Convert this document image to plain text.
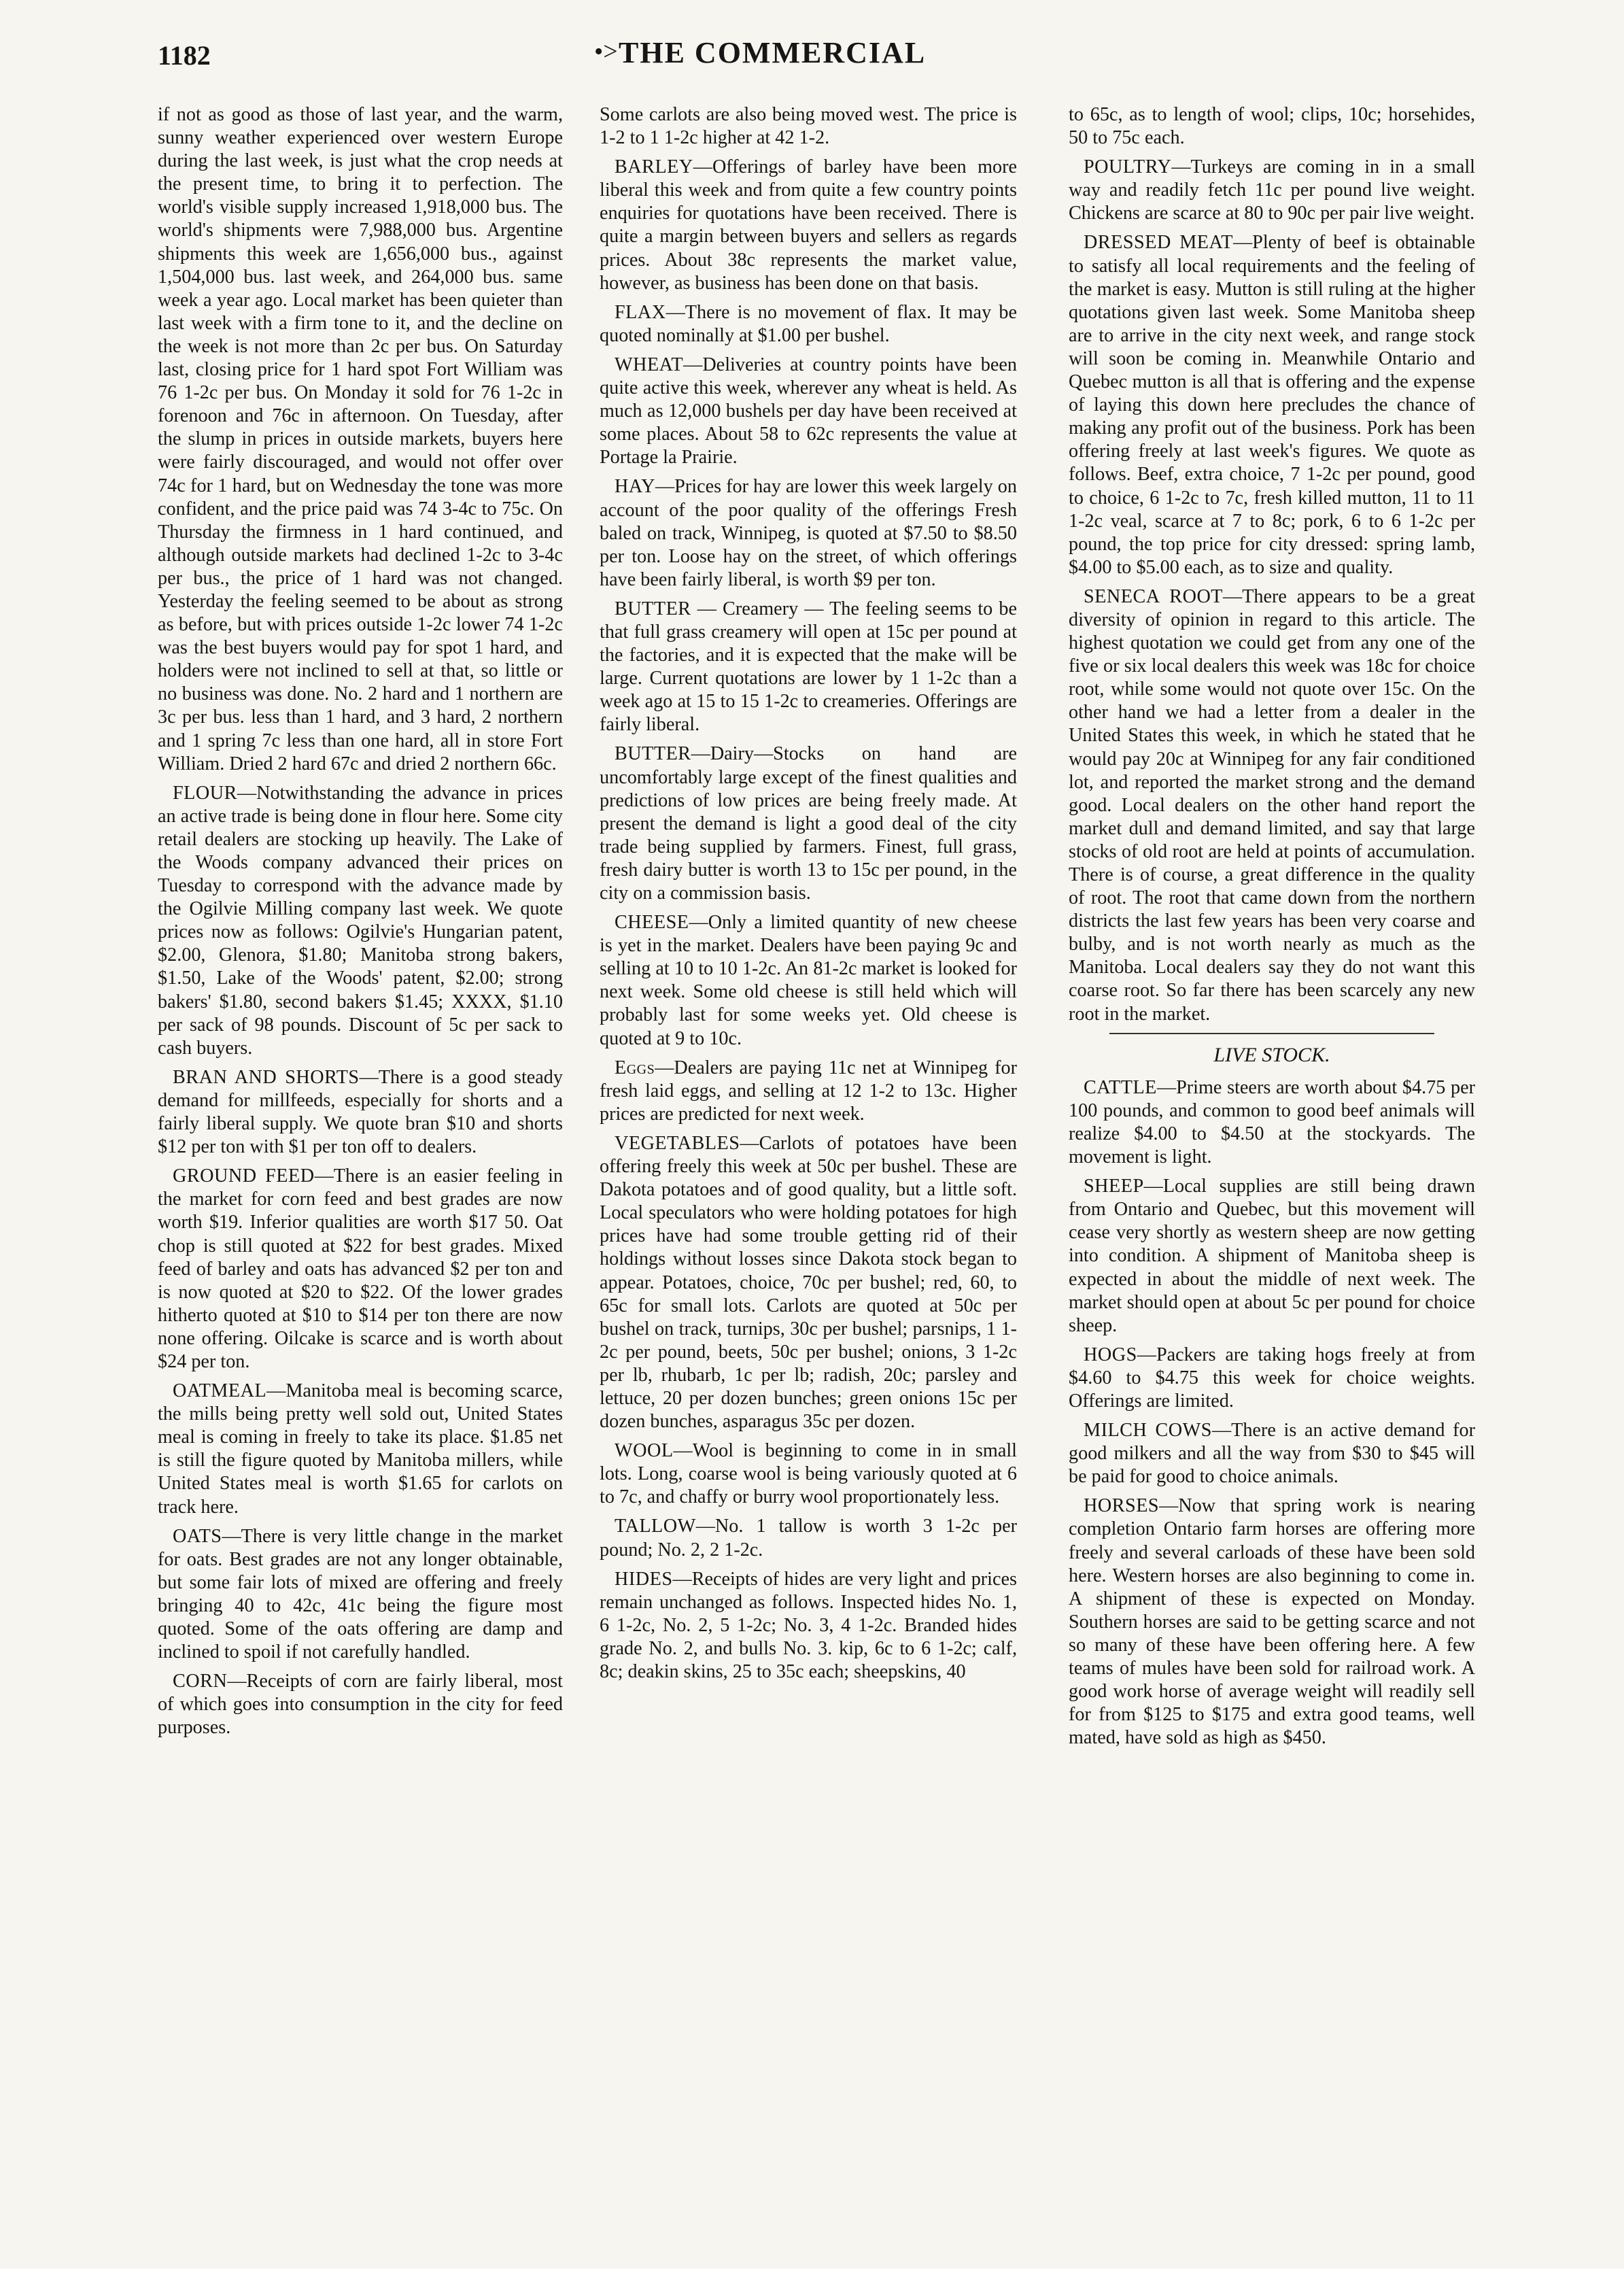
1182	•> THE COMMERCIAL

if not as good as those of last year, and the warm, sunny weather experienced over western Europe during the last week, is just what the crop needs at the present time, to bring it to perfection. The world's visible supply increased 1,918,000 bus. The world's shipments were 7,988,000 bus. Argentine shipments this week are 1,656,000 bus., against 1,504,000 bus. last week, and 264,000 bus. same week a year ago. Local market has been quieter than last week with a firm tone to it, and the decline on the week is not more than 2c per bus. On Saturday last, closing price for 1 hard spot Fort William was 76 1-2c per bus. On Monday it sold for 76 1-2c in forenoon and 76c in afternoon. On Tuesday, after the slump in prices in outside markets, buyers here were fairly discouraged, and would not offer over 74c for 1 hard, but on Wednesday the tone was more confident, and the price paid was 74 3-4c to 75c. On Thursday the firmness in 1 hard continued, and although outside markets had declined 1-2c to 3-4c per bus., the price of 1 hard was not changed. Yesterday the feeling seemed to be about as strong as before, but with prices outside 1-2c lower 74 1-2c was the best buyers would pay for spot 1 hard, and holders were not inclined to sell at that, so little or no business was done. No. 2 hard and 1 northern are 3c per bus. less than 1 hard, and 3 hard, 2 northern and 1 spring 7c less than one hard, all in store Fort William. Dried 2 hard 67c and dried 2 northern 66c.

FLOUR—Notwithstanding the advance in prices an active trade is being done in flour here. Some city retail dealers are stocking up heavily. The Lake of the Woods company advanced their prices on Tuesday to correspond with the advance made by the Ogilvie Milling company last week. We quote prices now as follows: Ogilvie's Hungarian patent, $2.00, Glenora, $1.80; Manitoba strong bakers, $1.50, Lake of the Woods' patent, $2.00; strong bakers' $1.80, second bakers $1.45; XXXX, $1.10 per sack of 98 pounds. Discount of 5c per sack to cash buyers.

BRAN AND SHORTS—There is a good steady demand for millfeeds, especially for shorts and a fairly liberal supply. We quote bran $10 and shorts $12 per ton with $1 per ton off to dealers.

GROUND FEED—There is an easier feeling in the market for corn feed and best grades are now worth $19. Inferior qualities are worth $17 50. Oat chop is still quoted at $22 for best grades. Mixed feed of barley and oats has advanced $2 per ton and is now quoted at $20 to $22. Of the lower grades hitherto quoted at $10 to $14 per ton there are now none offering. Oilcake is scarce and is worth about $24 per ton.

OATMEAL—Manitoba meal is becoming scarce, the mills being pretty well sold out, United States meal is coming in freely to take its place. $1.85 net is still the figure quoted by Manitoba millers, while United States meal is worth $1.65 for carlots on track here.

OATS—There is very little change in the market for oats. Best grades are not any longer obtainable, but some fair lots of mixed are offering and freely bringing 40 to 42c, 41c being the figure most quoted. Some of the oats offering are damp and inclined to spoil if not carefully handled.

CORN—Receipts of corn are fairly liberal, most of which goes into consumption in the city for feed purposes.

Some carlots are also being moved west. The price is 1-2 to 1 1-2c higher at 42 1-2.

BARLEY—Offerings of barley have been more liberal this week and from quite a few country points enquiries for quotations have been received. There is quite a margin between buyers and sellers as regards prices. About 38c represents the market value, however, as business has been done on that basis.

FLAX—There is no movement of flax. It may be quoted nominally at $1.00 per bushel.

WHEAT—Deliveries at country points have been quite active this week, wherever any wheat is held. As much as 12,000 bushels per day have been received at some places. About 58 to 62c represents the value at Portage la Prairie.

HAY—Prices for hay are lower this week largely on account of the poor quality of the offerings Fresh baled on track, Winnipeg, is quoted at $7.50 to $8.50 per ton. Loose hay on the street, of which offerings have been fairly liberal, is worth $9 per ton.

BUTTER — Creamery — The feeling seems to be that full grass creamery will open at 15c per pound at the factories, and it is expected that the make will be large. Current quotations are lower by 1 1-2c than a week ago at 15 to 15 1-2c to creameries. Offerings are fairly liberal.

BUTTER—Dairy—Stocks on hand are uncomfortably large except of the finest qualities and predictions of low prices are being freely made. At present the demand is light a good deal of the city trade being supplied by farmers. Finest, full grass, fresh dairy butter is worth 13 to 15c per pound, in the city on a commission basis.

CHEESE—Only a limited quantity of new cheese is yet in the market. Dealers have been paying 9c and selling at 10 to 10 1-2c. An 81-2c market is looked for next week. Some old cheese is still held which will probably last for some weeks yet. Old cheese is quoted at 9 to 10c.

Eggs—Dealers are paying 11c net at Winnipeg for fresh laid eggs, and selling at 12 1-2 to 13c. Higher prices are predicted for next week.

VEGETABLES—Carlots of potatoes have been offering freely this week at 50c per bushel. These are Dakota potatoes and of good quality, but a little soft. Local speculators who were holding potatoes for high prices have had some trouble getting rid of their holdings without losses since Dakota stock began to appear. Potatoes, choice, 70c per bushel; red, 60, to 65c for small lots. Carlots are quoted at 50c per bushel on track, turnips, 30c per bushel; parsnips, 1 1-2c per pound, beets, 50c per bushel; onions, 3 1-2c per lb, rhubarb, 1c per lb; radish, 20c; parsley and lettuce, 20 per dozen bunches; green onions 15c per dozen bunches, asparagus 35c per dozen.

WOOL—Wool is beginning to come in in small lots. Long, coarse wool is being variously quoted at 6 to 7c, and chaffy or burry wool proportionately less.

TALLOW—No. 1 tallow is worth 3 1-2c per pound; No. 2, 2 1-2c.

HIDES—Receipts of hides are very light and prices remain unchanged as follows. Inspected hides No. 1, 6 1-2c, No. 2, 5 1-2c; No. 3, 4 1-2c. Branded hides grade No. 2, and bulls No. 3. kip, 6c to 6 1-2c; calf, 8c; deakin skins, 25 to 35c each; sheepskins, 40

to 65c, as to length of wool; clips, 10c; horsehides, 50 to 75c each.

POULTRY—Turkeys are coming in in a small way and readily fetch 11c per pound live weight. Chickens are scarce at 80 to 90c per pair live weight.

DRESSED MEAT—Plenty of beef is obtainable to satisfy all local requirements and the feeling of the market is easy. Mutton is still ruling at the higher quotations given last week. Some Manitoba sheep are to arrive in the city next week, and range stock will soon be coming in. Meanwhile Ontario and Quebec mutton is all that is offering and the expense of laying this down here precludes the chance of making any profit out of the business. Pork has been offering freely at last week's figures. We quote as follows. Beef, extra choice, 7 1-2c per pound, good to choice, 6 1-2c to 7c, fresh killed mutton, 11 to 11 1-2c veal, scarce at 7 to 8c; pork, 6 to 6 1-2c per pound, the top price for city dressed: spring lamb, $4.00 to $5.00 each, as to size and quality.

SENECA ROOT—There appears to be a great diversity of opinion in regard to this article. The highest quotation we could get from any one of the five or six local dealers this week was 18c for choice root, while some would not quote over 15c. On the other hand we had a letter from a dealer in the United States this week, in which he stated that he would pay 20c at Winnipeg for any fair conditioned lot, and reported the market strong and the demand good. Local dealers on the other hand report the market dull and demand limited, and say that large stocks of old root are held at points of accumulation. There is of course, a great difference in the quality of root. The root that came down from the northern districts the last few years has been very coarse and bulby, and is not worth nearly as much as the Manitoba. Local dealers say they do not want this coarse root. So far there has been scarcely any new root in the market.

LIVE STOCK.

CATTLE—Prime steers are worth about $4.75 per 100 pounds, and common to good beef animals will realize $4.00 to $4.50 at the stockyards. The movement is light.

SHEEP—Local supplies are still being drawn from Ontario and Quebec, but this movement will cease very shortly as western sheep are now getting into condition. A shipment of Manitoba sheep is expected in about the middle of next week. The market should open at about 5c per pound for choice sheep.

HOGS—Packers are taking hogs freely at from $4.60 to $4.75 this week for choice weights. Offerings are limited.

MILCH COWS—There is an active demand for good milkers and all the way from $30 to $45 will be paid for good to choice animals.

HORSES—Now that spring work is nearing completion Ontario farm horses are offering more freely and several carloads of these have been sold here. Western horses are also beginning to come in. A shipment of these is expected on Monday. Southern horses are said to be getting scarce and not so many of these have been offering here. A few teams of mules have been sold for railroad work. A good work horse of average weight will readily sell for from $125 to $175 and extra good teams, well mated, have sold as high as $450.
